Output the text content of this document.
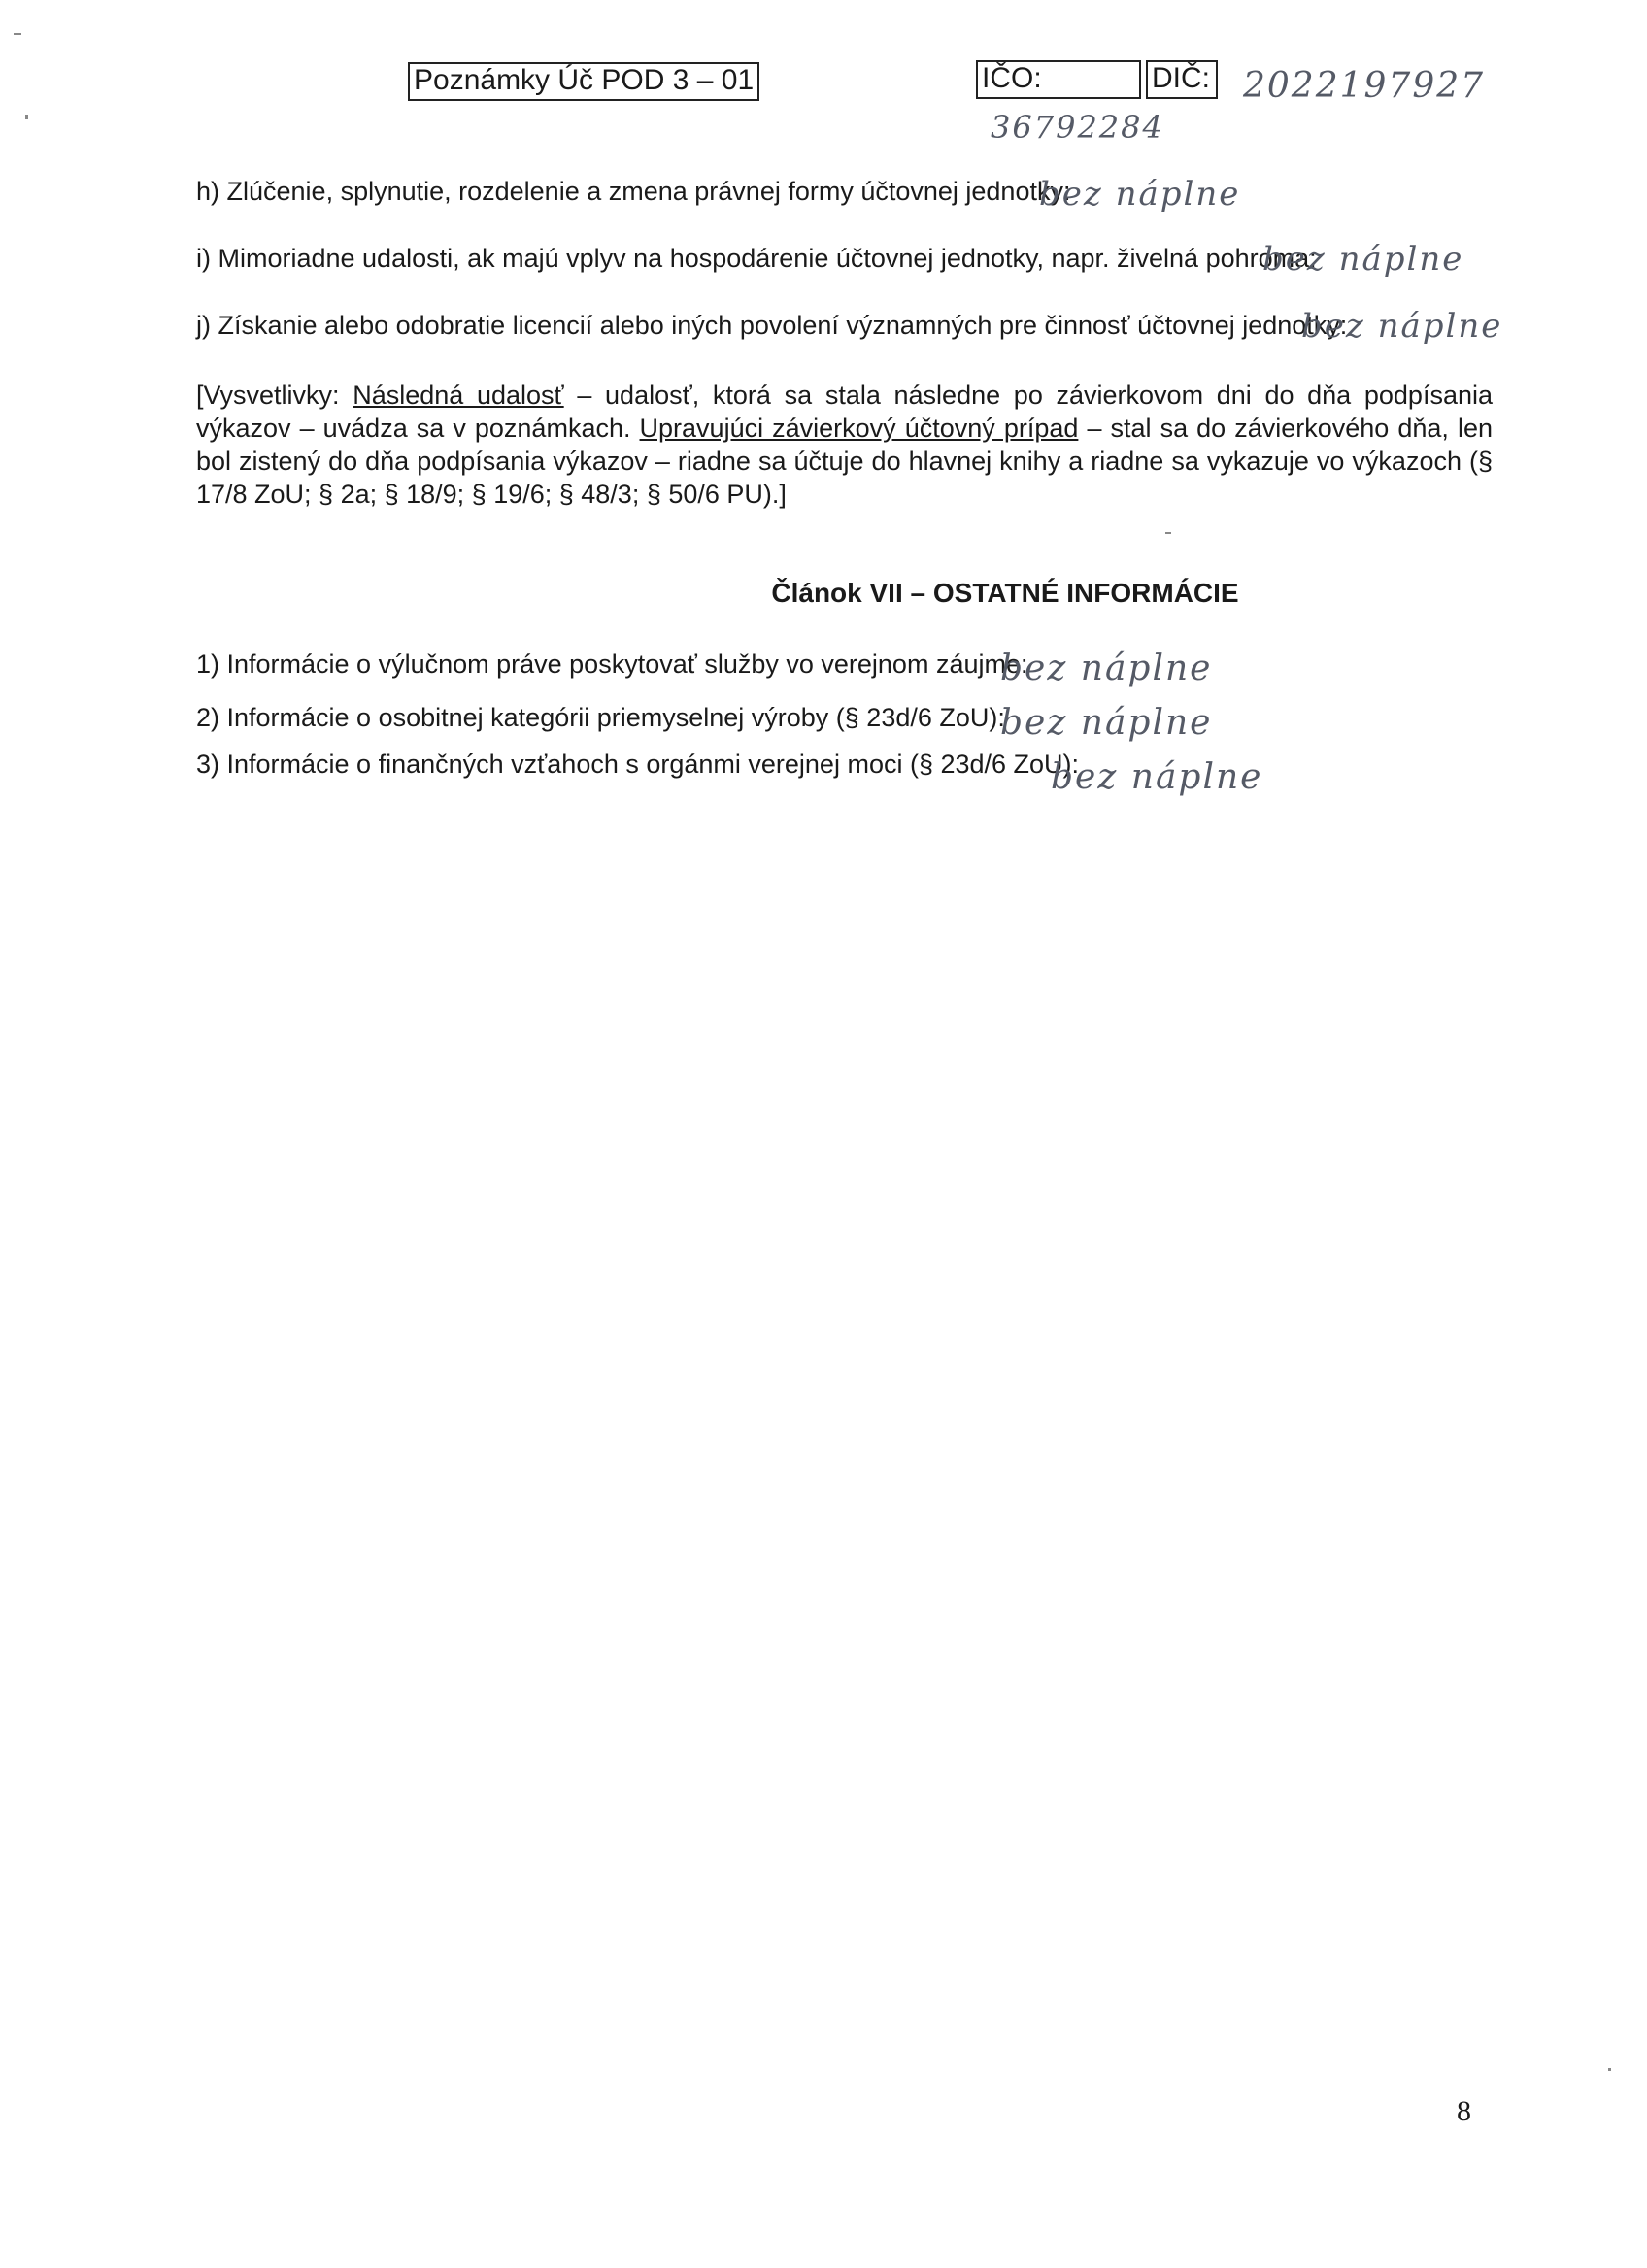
Poznámky Úč POD 3 – 01	IČO:	DIČ: 2022197927
36792284
h) Zlúčenie, splynutie, rozdelenie a zmena právnej formy účtovnej jednotky:
bez náplne
i) Mimoriadne udalosti, ak majú vplyv na hospodárenie účtovnej jednotky, napr. živelná pohroma:
bez náplne
j) Získanie alebo odobratie licencií alebo iných povolení významných pre činnosť účtovnej jednotky:
bez náplne
[Vysvetlivky: Následná udalosť – udalosť, ktorá sa stala následne po závierkovom dni do dňa podpísania výkazov – uvádza sa v poznámkach. Upravujúci závierkový účtovný prípad – stal sa do závierkového dňa, len bol zistený do dňa podpísania výkazov – riadne sa účtuje do hlavnej knihy a riadne sa vykazuje vo výkazoch (§ 17/8 ZoU; § 2a; § 18/9; § 19/6; § 48/3; § 50/6 PU).]
Článok VII – OSTATNÉ INFORMÁCIE
1) Informácie o výlučnom práve poskytovať služby vo verejnom záujme:
bez náplne
2) Informácie o osobitnej kategórii priemyselnej výroby (§ 23d/6 ZoU):
bez náplne
3) Informácie o finančných vzťahoch s orgánmi verejnej moci (§ 23d/6 ZoU):
bez náplne
8
